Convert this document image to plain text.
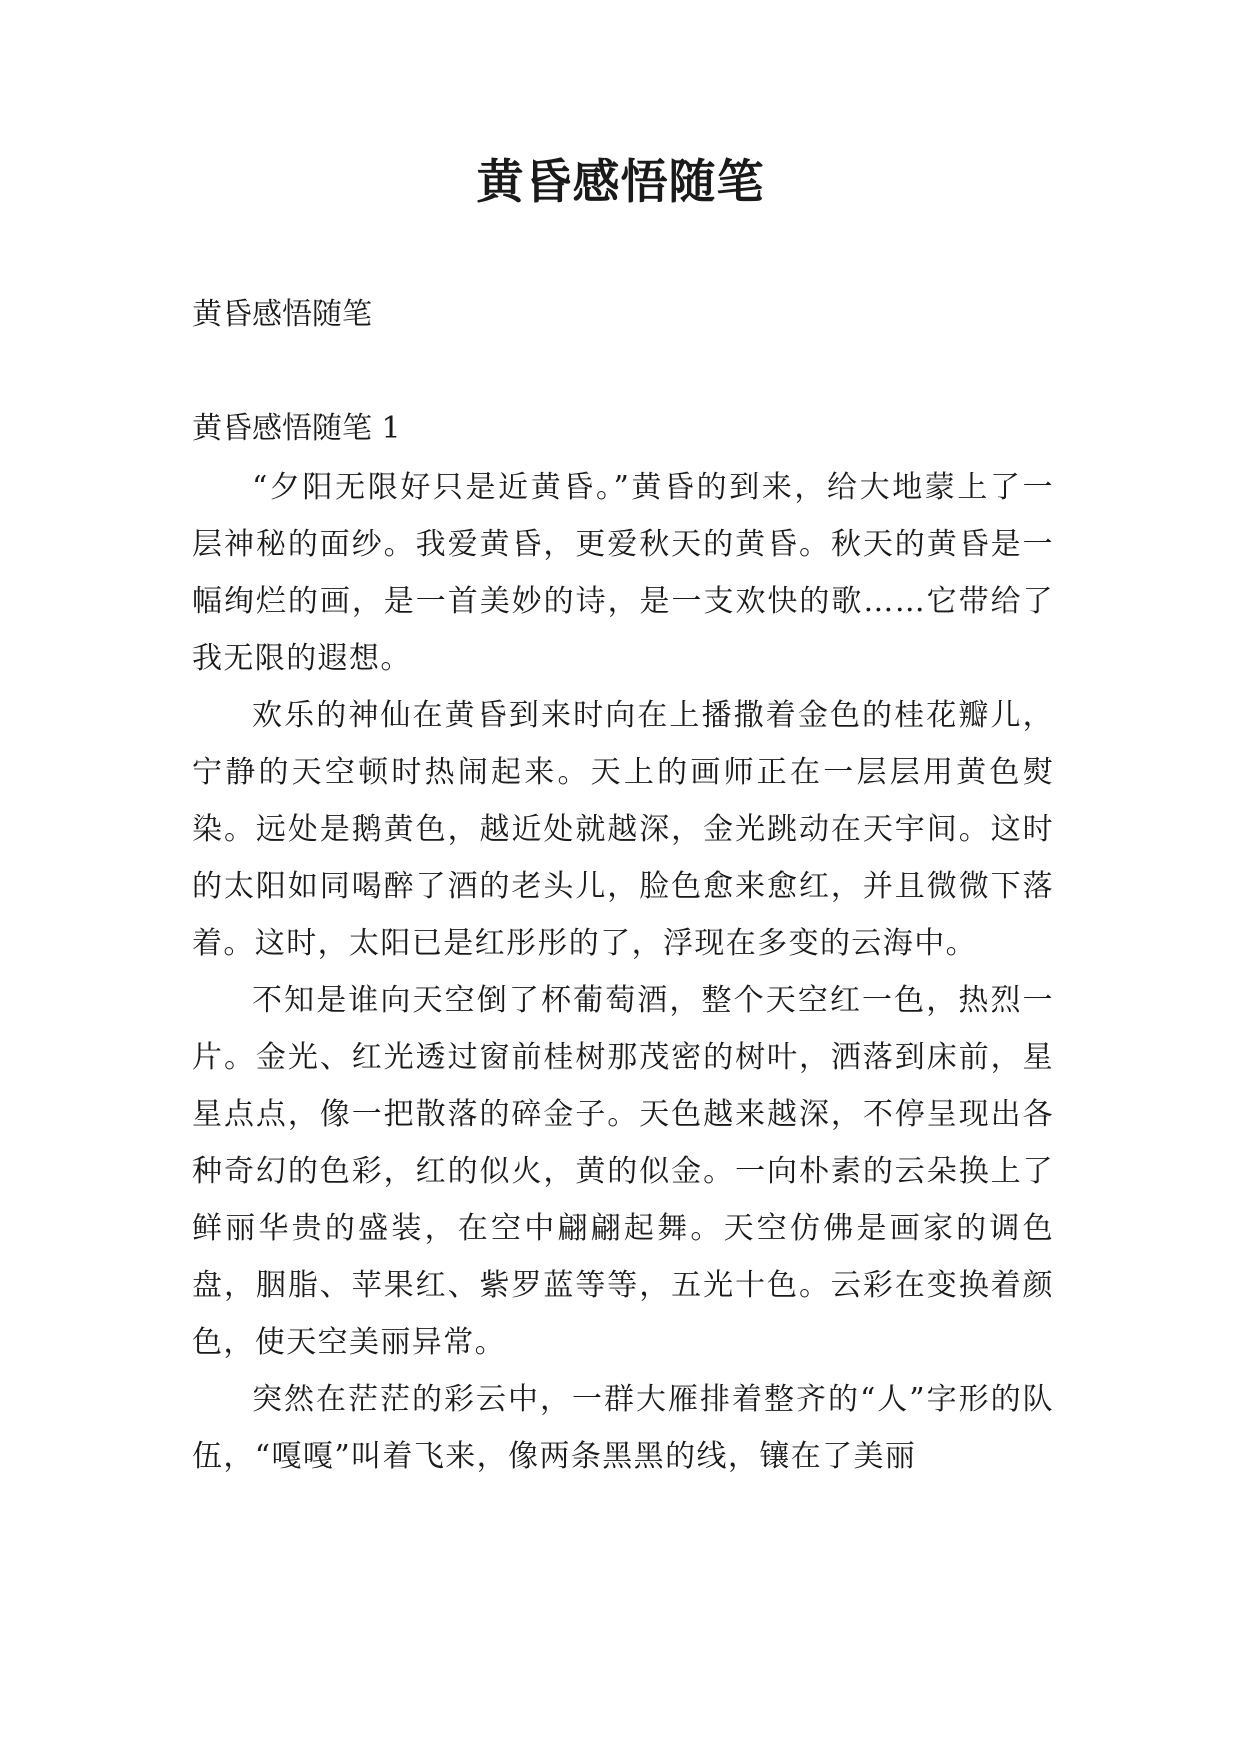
黄昏感悟随笔

黄昏感悟随笔

黄昏感悟随笔 1

“夕阳无限好只是近黄昏。”黄昏的到来，给大地蒙上了一层神秘的面纱。我爱黄昏，更爱秋天的黄昏。秋天的黄昏是一幅绚烂的画，是一首美妙的诗，是一支欢快的歌……它带给了我无限的遐想。

欢乐的神仙在黄昏到来时向在上播撒着金色的桂花瓣儿，宁静的天空顿时热闹起来。天上的画师正在一层层用黄色熨染。远处是鹅黄色，越近处就越深，金光跳动在天宇间。这时的太阳如同喝醉了酒的老头儿，脸色愈来愈红，并且微微下落着。这时，太阳已是红彤彤的了，浮现在多变的云海中。

不知是谁向天空倒了杯葡萄酒，整个天空红一色，热烈一片。金光、红光透过窗前桂树那茂密的树叶，洒落到床前，星星点点，像一把散落的碎金子。天色越来越深，不停呈现出各种奇幻的色彩，红的似火，黄的似金。一向朴素的云朵换上了鲜丽华贵的盛装，在空中翩翩起舞。天空仿佛是画家的调色盘，胭脂、苹果红、紫罗蓝等等，五光十色。云彩在变换着颜色，使天空美丽异常。

突然在茫茫的彩云中，一群大雁排着整齐的“人”字形的队伍，“嘎嘎”叫着飞来，像两条黑黑的线，镶在了美丽
